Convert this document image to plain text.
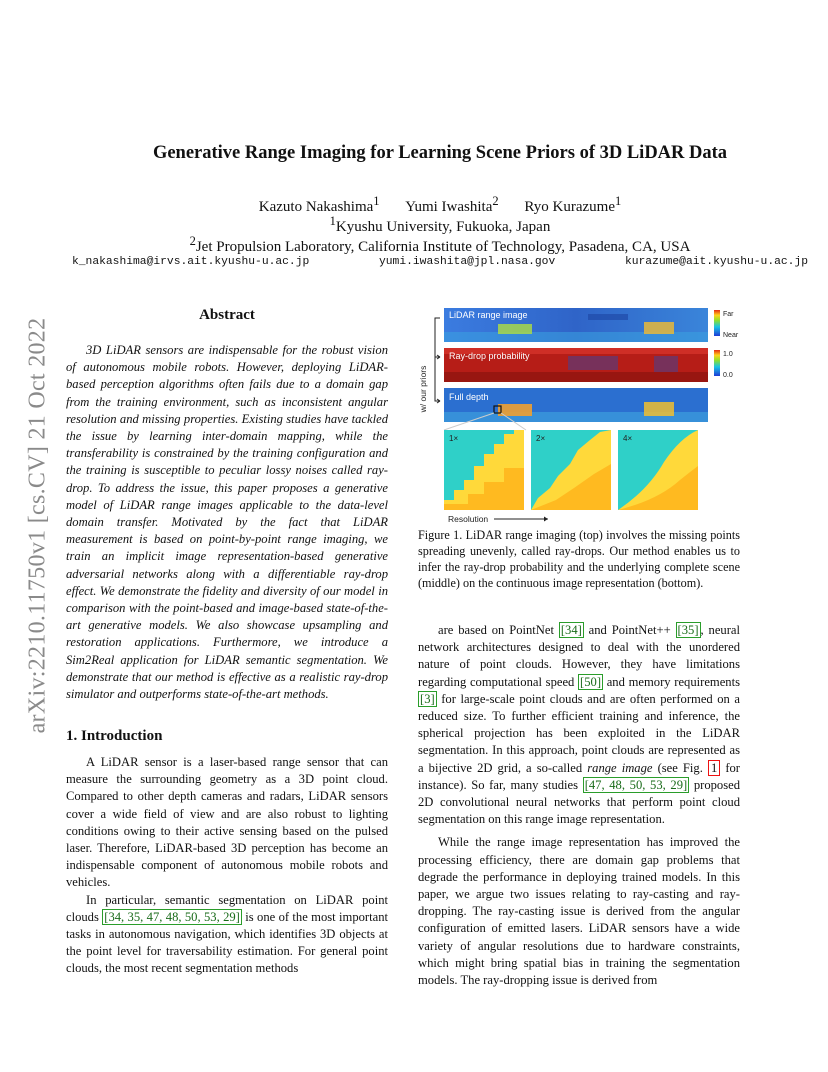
arXiv:2210.11750v1 [cs.CV] 21 Oct 2022
Generative Range Imaging for Learning Scene Priors of 3D LiDAR Data
Kazuto Nakashima$^1$ Yumi Iwashita$^2$ Ryo Kurazume$^1$
$^1$Kyushu University, Fukuoka, Japan
$^2$Jet Propulsion Laboratory, California Institute of Technology, Pasadena, CA, USA
k_nakashima@irvs.ait.kyushu-u.ac.jp	yumi.iwashita@jpl.nasa.gov	kurazume@ait.kyushu-u.ac.jp
Abstract

3D LiDAR sensors are indispensable for the robust vision of autonomous mobile robots. However, deploying LiDAR-based perception algorithms often fails due to a domain gap from the training environment, such as inconsistent angular resolution and missing properties. Existing studies have tackled the issue by learning inter-domain mapping, while the transferability is constrained by the training configuration and the training is susceptible to peculiar lossy noises called ray-drop. To address the issue, this paper proposes a generative model of LiDAR range images applicable to the data-level domain transfer. Motivated by the fact that LiDAR measurement is based on point-by-point range imaging, we train an implicit image representation-based generative adversarial networks along with a differentiable ray-drop effect. We demonstrate the fidelity and diversity of our model in comparison with the point-based and image-based state-of-the-art generative models. We also showcase upsampling and restoration applications. Furthermore, we introduce a Sim2Real application for LiDAR semantic segmentation. We demonstrate that our method is effective as a realistic ray-drop simulator and outperforms state-of-the-art methods.

1. Introduction

A LiDAR sensor is a laser-based range sensor that can measure the surrounding geometry as a 3D point cloud. Compared to other depth cameras and radars, LiDAR sensors cover a wide field of view and are also robust to lighting conditions owing to their active sensing based on the pulsed laser. Therefore, LiDAR-based 3D perception has become an indispensable component of autonomous mobile robots and vehicles.

In particular, semantic segmentation on LiDAR point clouds [34, 35, 47, 48, 50, 53, 29] is one of the most important tasks in autonomous navigation, which identifies 3D objects at the point level for traversability estimation. For general point clouds, the most recent segmentation methods

w/ our priors
LiDAR range image	Far
Near
Ray-drop probability	1.0
0.0
Full depth
1×	2×	4×
Resolution
Figure 1. LiDAR range imaging (top) involves the missing points spreading unevenly, called ray-drops. Our method enables us to infer the ray-drop probability and the underlying complete scene (middle) on the continuous image representation (bottom).

are based on PointNet [34] and PointNet++ [35] , neural network architectures designed to deal with the unordered nature of point clouds. However, they have limitations regarding computational speed [50] and memory requirements [3] for large-scale point clouds and are often performed on a reduced size. To further efficient training and inference, the spherical projection has been exploited in the LiDAR segmentation. In this approach, point clouds are represented as a bijective 2D grid, a so-called range image (see Fig. 1 for instance). So far, many studies [47, 48, 50, 53, 29] proposed 2D convolutional neural networks that perform point cloud segmentation on this range image representation.

While the range image representation has improved the processing efficiency, there are domain gap problems that degrade the performance in deploying trained models. In this paper, we argue two issues relating to ray-casting and ray-dropping. The ray-casting issue is derived from the angular configuration of emitted lasers. LiDAR sensors have a wide variety of angular resolutions due to hardware constraints, which might bring spatial bias in training the segmentation models. The ray-dropping issue is derived from
